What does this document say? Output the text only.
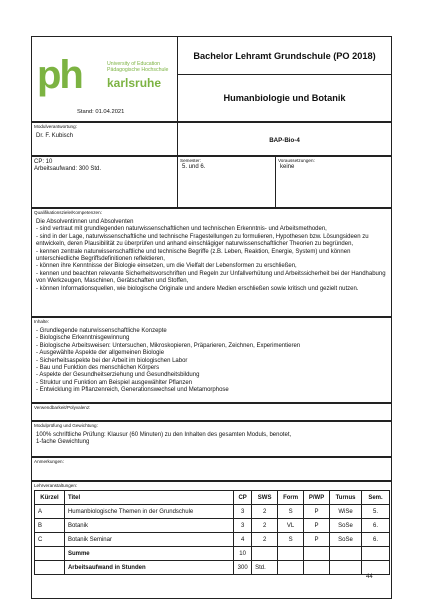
ph	University of Education
Pädagogische Hochschule
karlsruhe
Stand: 01.04.2021
Bachelor Lehramt Grundschule (PO 2018)
Humanbiologie und Botanik
Modulverantwortung:
Dr. F. Kubisch
BAP-Bio-4
CP: 10
Arbeitsaufwand: 300 Std.
Semester:
5. und 6.
Voraussetzungen:
keine
Qualifikationsziele/Kompetenzen:
Die Absolventinnen und Absolventen
- sind vertraut mit grundlegenden naturwissenschaftlichen und technischen Erkenntnis- und Arbeitsmethoden,
- sind in der Lage, naturwissenschaftliche und technische Fragestellungen zu formulieren, Hypothesen bzw. Lösungsideen zu entwickeln, deren Plausibilität zu überprüfen und anhand einschlägiger naturwissenschaftlicher Theorien zu begründen,
- kennen zentrale naturwissenschaftliche und technische Begriffe (z.B. Leben, Reaktion, Energie, System) und können unterschiedliche Begriffsdefinitionen reflektieren,
- können ihre Kenntnisse der Biologie einsetzen, um die Vielfalt der Lebensformen zu erschließen,
- kennen und beachten relevante Sicherheitsvorschriften und Regeln zur Unfallverhütung und Arbeitssicherheit bei der Handhabung von Werkzeugen, Maschinen, Gerätschaften und Stoffen,
- können Informationsquellen, wie biologische Originale und andere Medien erschließen sowie kritisch und gezielt nutzen.
Inhalte:
- Grundlegende naturwissenschaftliche Konzepte
- Biologische Erkenntnisgewinnung
- Biologische Arbeitsweisen: Untersuchen, Mikroskopieren, Präparieren, Zeichnen, Experimentieren
- Ausgewählte Aspekte der allgemeinen Biologie
- Sicherheitsaspekte bei der Arbeit im biologischen Labor
- Bau und Funktion des menschlichen Körpers
- Aspekte der Gesundheitserziehung und Gesundheitsbildung
- Struktur und Funktion am Beispiel ausgewählter Pflanzen
- Entwicklung im Pflanzenreich, Generationswechsel und Metamorphose
Verwendbarkeit/Polyvalenz:
Modulprüfung und Gewichtung:
100% schriftliche Prüfung: Klausur (60 Minuten) zu den Inhalten des gesamten Moduls, benotet,
1-fache Gewichtung
Anmerkungen:
Lehrveranstaltungen:
Kürzel	Titel	CP	SWS	Form	P/WP	Turnus	Sem.
A	Humanbiologische Themen in der Grundschule	3	2	S	P	WiSe	5.
B	Botanik	3	2	VL	P	SoSe	6.
C	Botanik Seminar	4	2	S	P	SoSe	6.
	Summe	10					
	Arbeitsaufwand in Stunden	300	Std.				
44
